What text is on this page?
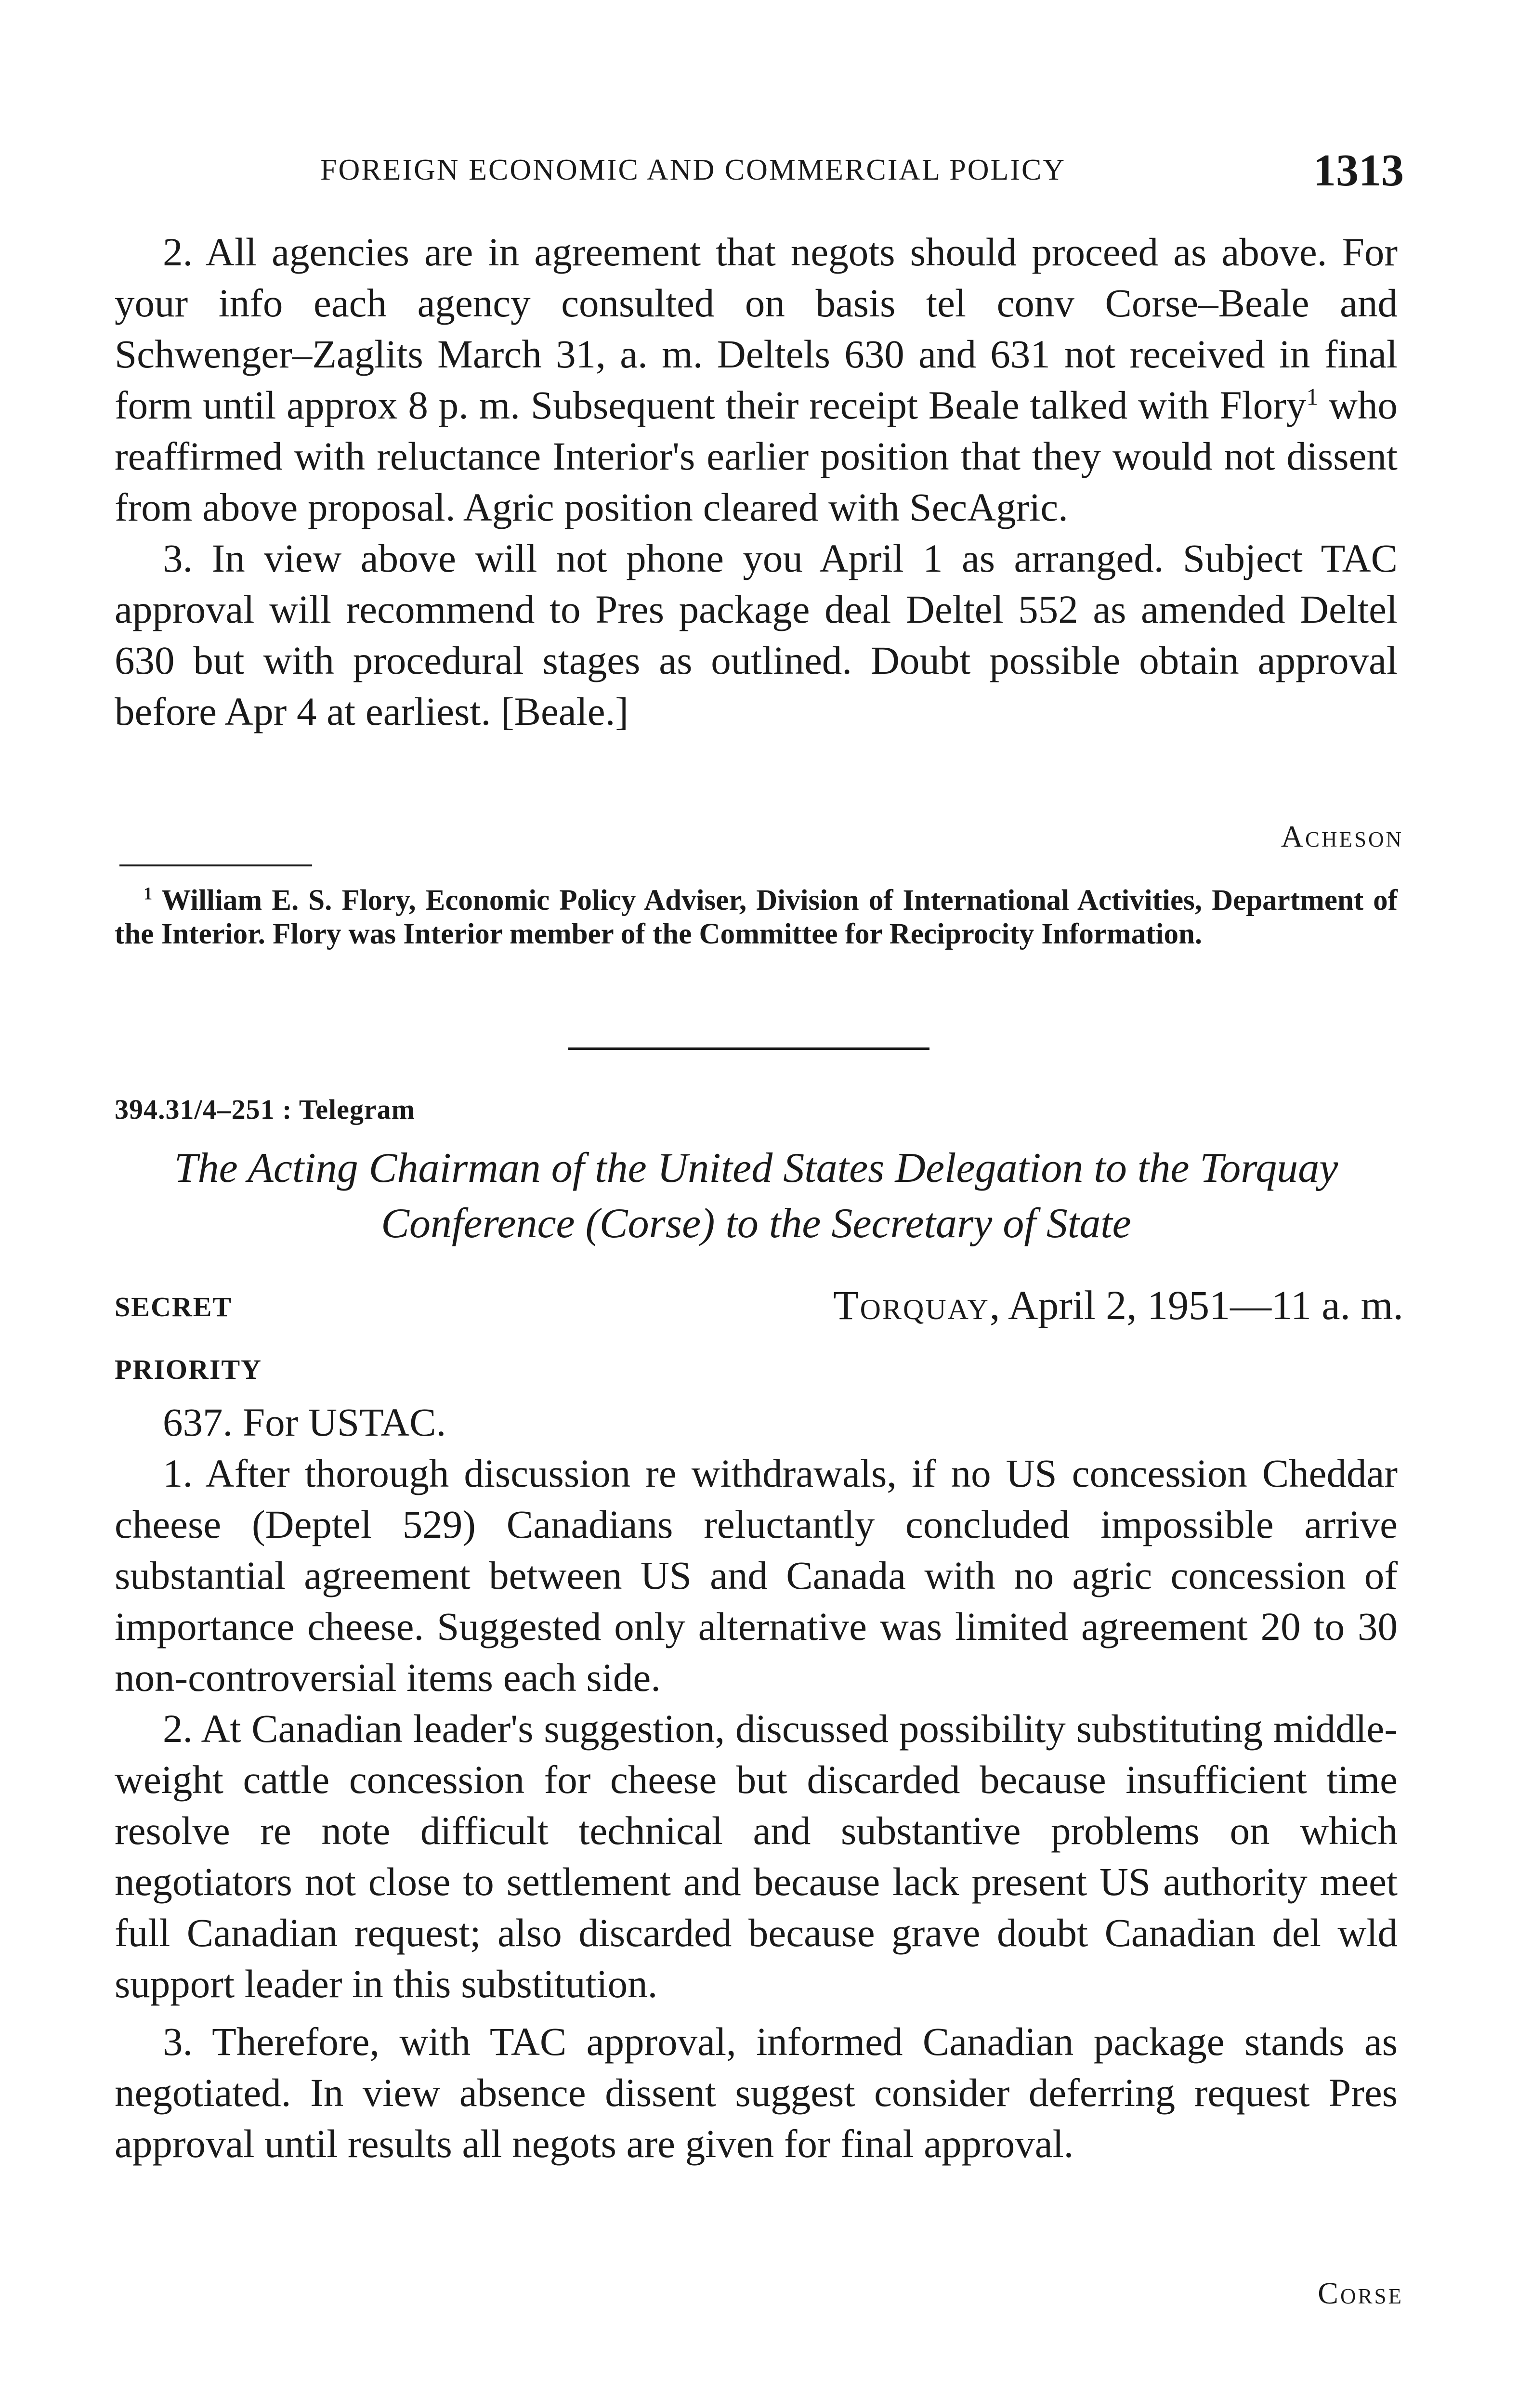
FOREIGN ECONOMIC AND COMMERCIAL POLICY	1313

2. All agencies are in agreement that negots should proceed as above. For your info each agency consulted on basis tel conv Corse–Beale and Schwenger–Zaglits March 31, a. m. Deltels 630 and 631 not received in final form until approx 8 p. m. Subsequent their receipt Beale talked with Flory$^1$ who reaffirmed with reluctance Interior's earlier position that they would not dissent from above proposal. Agric position cleared with SecAgric.

3. In view above will not phone you April 1 as arranged. Subject TAC approval will recommend to Pres package deal Deltel 552 as amended Deltel 630 but with procedural stages as outlined. Doubt possible obtain approval before Apr 4 at earliest. [Beale.]

Acheson

$^1$ William E. S. Flory, Economic Policy Adviser, Division of International Activities, Department of the Interior. Flory was Interior member of the Committee for Reciprocity Information.

394.31/4–251 : Telegram

The Acting Chairman of the United States Delegation to the Torquay
Conference (Corse) to the Secretary of State

SECRET	Torquay, April 2, 1951—11 a. m.
PRIORITY

637. For USTAC.

1. After thorough discussion re withdrawals, if no US concession Cheddar cheese (Deptel 529) Canadians reluctantly concluded impossible arrive substantial agreement between US and Canada with no agric concession of importance cheese. Suggested only alternative was limited agreement 20 to 30 non-controversial items each side.

2. At Canadian leader's suggestion, discussed possibility substituting middle-weight cattle concession for cheese but discarded because insufficient time resolve re note difficult technical and substantive problems on which negotiators not close to settlement and because lack present US authority meet full Canadian request; also discarded because grave doubt Canadian del wld support leader in this substitution.

3. Therefore, with TAC approval, informed Canadian package stands as negotiated. In view absence dissent suggest consider deferring request Pres approval until results all negots are given for final approval.

Corse
